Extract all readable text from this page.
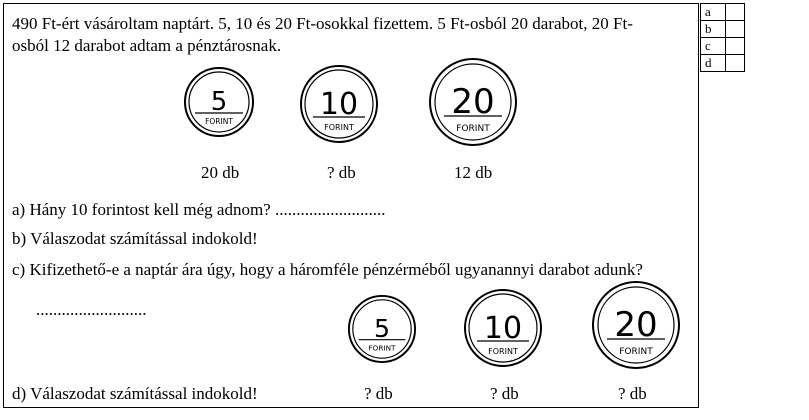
a	
b	
c	
d	
490 Ft-ért vásároltam naptárt. 5, 10 és 20 Ft-osokkal fizettem. 5 Ft-osból 20 darabot, 20 Ft-
osból 12 darabot adtam a pénztárosnak.
5
FORINT	10
FORINT
20
FORINT
20 db	? db	12 db
a) Hány 10 forintost kell még adnom? ..........................
b) Válaszodat számítással indokold!
c) Kifizethető-e a naptár ára úgy, hogy a háromféle pénzérméből ugyanannyi darabot adunk?
..........................
5
FORINT
10
FORINT
20
FORINT
d) Válaszodat számítással indokold!	? db	? db	? db
